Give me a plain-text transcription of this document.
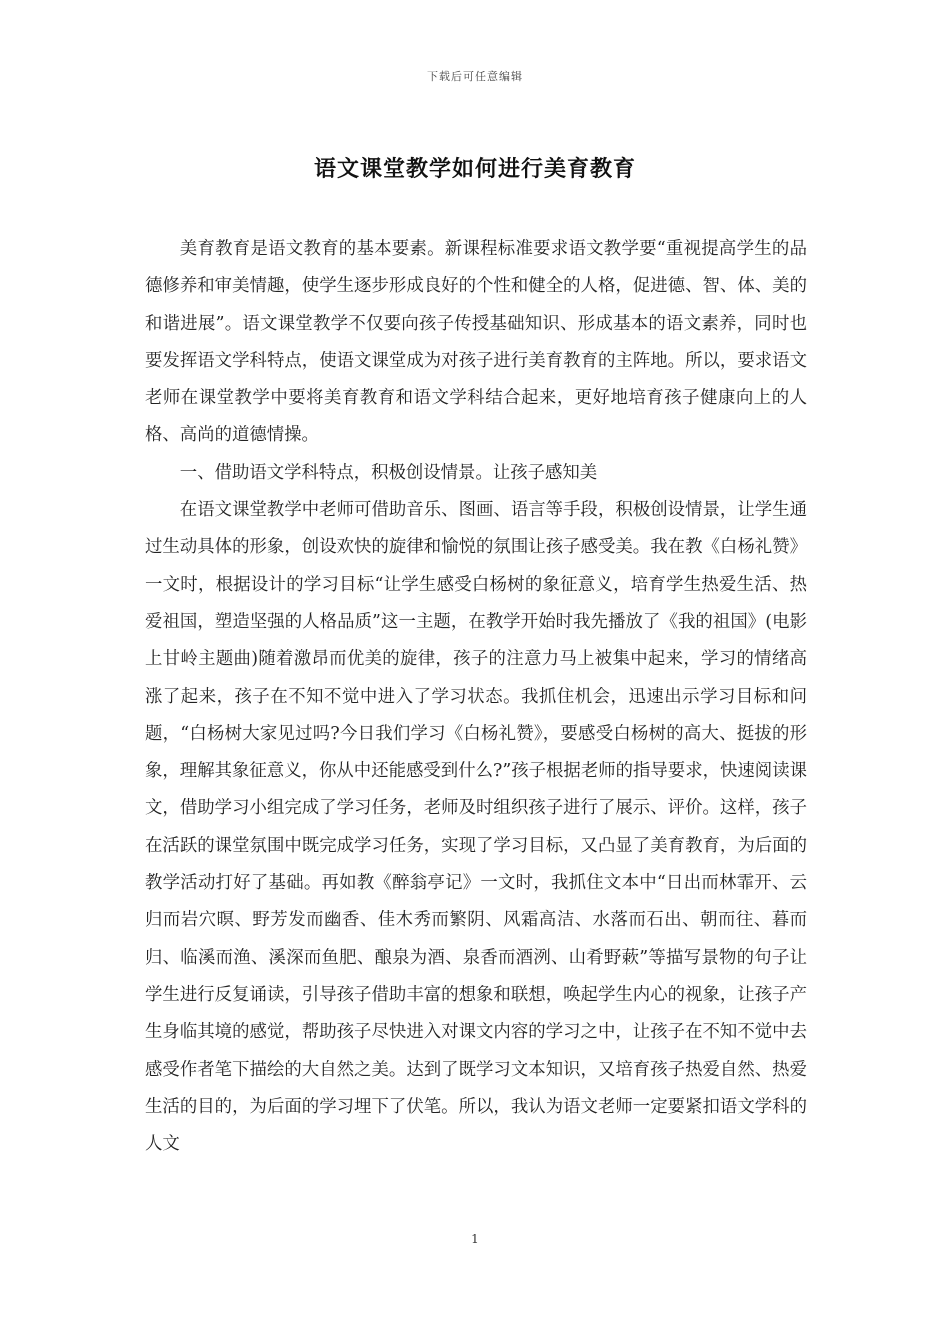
下载后可任意编辑
语文课堂教学如何进行美育教育

美育教育是语文教育的基本要素。新课程标准要求语文教学要“重视提高学生的品德修养和审美情趣，使学生逐步形成良好的个性和健全的人格，促进德、智、体、美的和谐进展”。语文课堂教学不仅要向孩子传授基础知识、形成基本的语文素养，同时也要发挥语文学科特点，使语文课堂成为对孩子进行美育教育的主阵地。所以，要求语文老师在课堂教学中要将美育教育和语文学科结合起来，更好地培育孩子健康向上的人格、高尚的道德情操。

一、借助语文学科特点，积极创设情景。让孩子感知美

在语文课堂教学中老师可借助音乐、图画、语言等手段，积极创设情景，让学生通过生动具体的形象，创设欢快的旋律和愉悦的氛围让孩子感受美。我在教《白杨礼赞》一文时，根据设计的学习目标“让学生感受白杨树的象征意义，培育学生热爱生活、热爱祖国，塑造坚强的人格品质”这一主题，在教学开始时我先播放了《我的祖国》(电影上甘岭主题曲)随着激昂而优美的旋律，孩子的注意力马上被集中起来，学习的情绪高涨了起来，孩子在不知不觉中进入了学习状态。我抓住机会，迅速出示学习目标和问题，“白杨树大家见过吗?今日我们学习《白杨礼赞》，要感受白杨树的高大、挺拔的形象，理解其象征意义，你从中还能感受到什么?”孩子根据老师的指导要求，快速阅读课文，借助学习小组完成了学习任务，老师及时组织孩子进行了展示、评价。这样，孩子在活跃的课堂氛围中既完成学习任务，实现了学习目标，又凸显了美育教育，为后面的教学活动打好了基础。再如教《醉翁亭记》一文时，我抓住文本中“日出而林霏开、云归而岩穴暝、野芳发而幽香、佳木秀而繁阴、风霜高洁、水落而石出、朝而往、暮而归、临溪而渔、溪深而鱼肥、酿泉为酒、泉香而酒洌、山肴野蔌”等描写景物的句子让学生进行反复诵读，引导孩子借助丰富的想象和联想，唤起学生内心的视象，让孩子产生身临其境的感觉，帮助孩子尽快进入对课文内容的学习之中，让孩子在不知不觉中去感受作者笔下描绘的大自然之美。达到了既学习文本知识，又培育孩子热爱自然、热爱生活的目的，为后面的学习埋下了伏笔。所以，我认为语文老师一定要紧扣语文学科的人文

1
